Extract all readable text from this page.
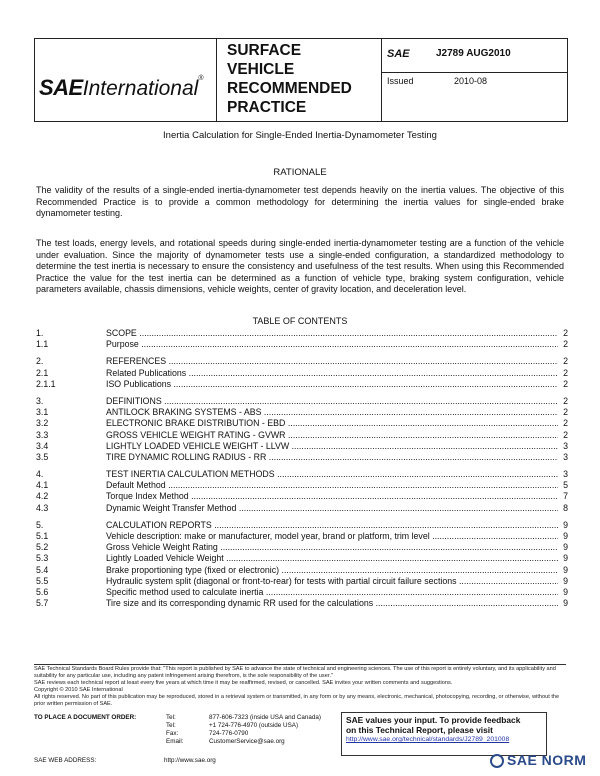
SAEInternational®
SURFACE
VEHICLE
RECOMMENDED
PRACTICE
SAE	J2789 AUG2010
Issued	2010-08
Inertia Calculation for Single-Ended Inertia-Dynamometer Testing
RATIONALE
The validity of the results of a single-ended inertia-dynamometer test depends heavily on the inertia values. The objective of this Recommended Practice is to provide a common methodology for determining the inertia values for single-ended brake dynamometer testing.
The test loads, energy levels, and rotational speeds during single-ended inertia-dynamometer testing are a function of the vehicle under evaluation. Since the majority of dynamometer tests use a single-ended configuration, a standardized methodology to determine the test inertia is necessary to ensure the consistency and usefulness of the test results. When using this Recommended Practice the value for the test inertia can be determined as a function of vehicle type, braking system configuration, vehicle parameters available, chassis dimensions, vehicle weights, center of gravity location, and deceleration level.
TABLE OF CONTENTS
1.	SCOPE .....	2
1.1	Purpose .....	2
2.	REFERENCES .....	2
2.1	Related Publications .....	2
2.1.1	ISO Publications .....	2
3.	DEFINITIONS .....	2
3.1	ANTILOCK BRAKING SYSTEMS - ABS .....	2
3.2	ELECTRONIC BRAKE DISTRIBUTION - EBD .....	2
3.3	GROSS VEHICLE WEIGHT RATING - GVWR .....	2
3.4	LIGHTLY LOADED VEHICLE WEIGHT - LLVW .....	3
3.5	TIRE DYNAMIC ROLLING RADIUS - RR .....	3
4.	TEST INERTIA CALCULATION METHODS .....	3
4.1	Default Method .....	5
4.2	Torque Index Method .....	7
4.3	Dynamic Weight Transfer Method .....	8
5.	CALCULATION REPORTS .....	9
5.1	Vehicle description: make or manufacturer, model year, brand or platform, trim level .....	9
5.2	Gross Vehicle Weight Rating .....	9
5.3	Lightly Loaded Vehicle Weight .....	9
5.4	Brake proportioning type (fixed or electronic) .....	9
5.5	Hydraulic system split (diagonal or front-to-rear) for tests with partial circuit failure sections .....	9
5.6	Specific method used to calculate inertia .....	9
5.7	Tire size and its corresponding dynamic RR used for the calculations .....	9

SAE Technical Standards Board Rules provide that: "This report is published by SAE to advance the state of technical and engineering sciences. The use of this report is entirely voluntary, and its applicability and suitability for any particular use, including any patent infringement arising therefrom, is the sole responsibility of the user."

SAE reviews each technical report at least every five years at which time it may be reaffirmed, revised, or cancelled. SAE invites your written comments and suggestions.

Copyright © 2010 SAE International

All rights reserved. No part of this publication may be reproduced, stored in a retrieval system or transmitted, in any form or by any means, electronic, mechanical, photocopying, recording, or otherwise, without the prior written permission of SAE.

TO PLACE A DOCUMENT ORDER:	Tel:	877-606-7323 (inside USA and Canada)
Tel:	+1 724-776-4970 (outside USA)
Fax:	724-776-0790
Email:	CustomerService@sae.org
SAE WEB ADDRESS:	http://www.sae.org
SAE values your input. To provide feedback
on this Technical Report, please visit
http://www.sae.org/technical/standards/J2789_201008
SAE NORM
